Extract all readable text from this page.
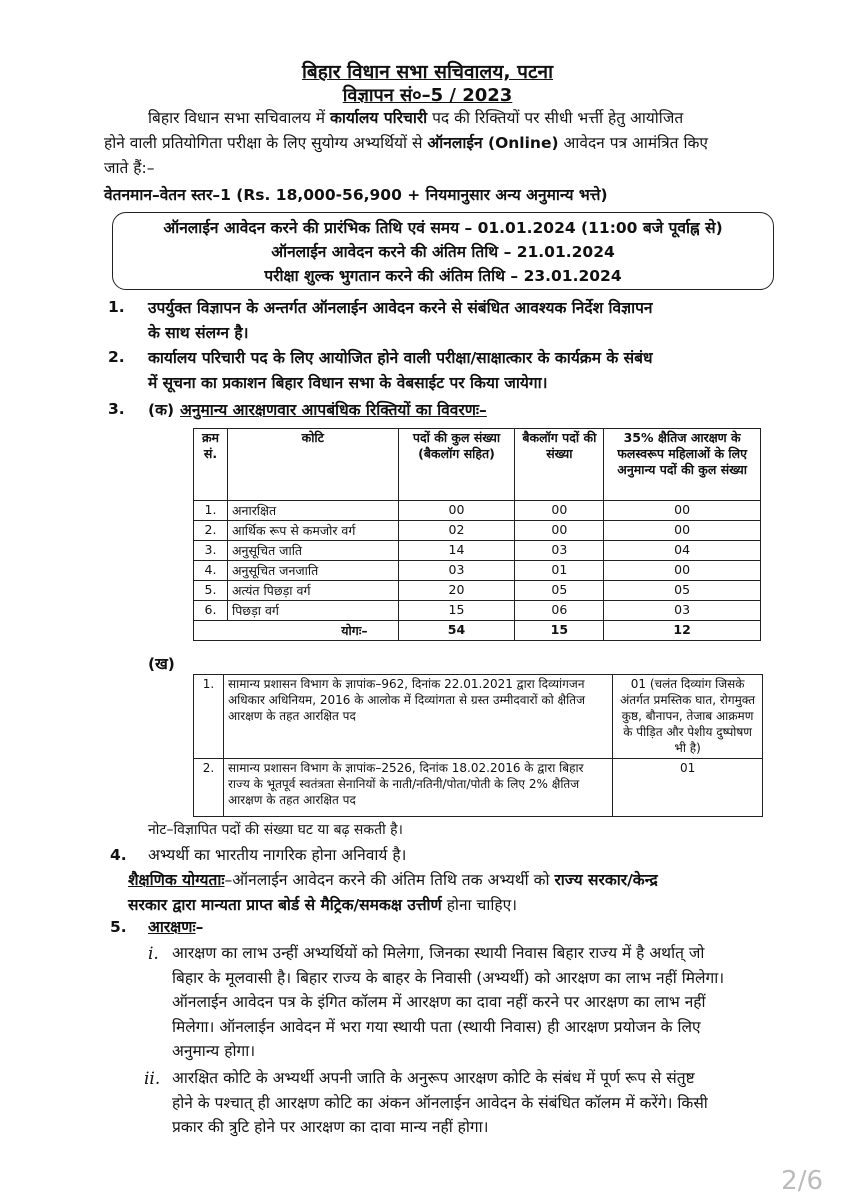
बिहार विधान सभा सचिवालय, पटना
विज्ञापन सं०–5 / 2023
बिहार विधान सभा सचिवालय में कार्यालय परिचारी पद की रिक्तियों पर सीधी भर्त्ती हेतु आयोजित
होने वाली प्रतियोगिता परीक्षा के लिए सुयोग्य अभ्यर्थियों से ऑनलाईन (Online) आवेदन पत्र आमंत्रित किए
जाते हैं:–
वेतनमान–वेतन स्तर–1 (Rs. 18,000-56,900 + नियमानुसार अन्य अनुमान्य भत्ते)
ऑनलाईन आवेदन करने की प्रारंभिक तिथि एवं समय – 01.01.2024 (11:00 बजे पूर्वाह्न से)
ऑनलाईन आवेदन करने की अंतिम तिथि – 21.01.2024
परीक्षा शुल्क भुगतान करने की अंतिम तिथि – 23.01.2024
1. उपर्युक्त विज्ञापन के अन्तर्गत ऑनलाईन आवेदन करने से संबंधित आवश्यक निर्देश विज्ञापन
के साथ संलग्न है।
2. कार्यालय परिचारी पद के लिए आयोजित होने वाली परीक्षा/साक्षात्कार के कार्यक्रम के संबंध
में सूचना का प्रकाशन बिहार विधान सभा के वेबसाईट पर किया जायेगा।
3. (क) अनुमान्य आरक्षणवार आपबंधिक रिक्तियों का विवरणः–
क्रम सं.	कोटि	पदों की कुल संख्या (बैकलॉग सहित)	बैकलॉग पदों की संख्या	35% क्षैतिज आरक्षण के फलस्वरूप महिलाओं के लिए अनुमान्य पदों की कुल संख्या
1.	अनारक्षित	00	00	00
2.	आर्थिक रूप से कमजोर वर्ग	02	00	00
3.	अनुसूचित जाति	14	03	04
4.	अनुसूचित जनजाति	03	01	00
5.	अत्यंत पिछड़ा वर्ग	20	05	05
6.	पिछड़ा वर्ग	15	06	03
योगः–		54	15	12
(ख)
1.	सामान्य प्रशासन विभाग के ज्ञापांक–962, दिनांक 22.01.2021 द्वारा दिव्यांगजन अधिकार अधिनियम, 2016 के आलोक में दिव्यांगता से ग्रस्त उम्मीदवारों को क्षैतिज आरक्षण के तहत आरक्षित पद	01 (चलंत दिव्यांग जिसके अंतर्गत प्रमस्तिक घात, रोगमुक्त कुष्ठ, बौनापन, तेजाब आक्रमण के पीड़ित और पेशीय दुष्पोषण भी है)
2.	सामान्य प्रशासन विभाग के ज्ञापांक–2526, दिनांक 18.02.2016 के द्वारा बिहार राज्य के भूतपूर्व स्वतंत्रता सेनानियों के नाती/नतिनी/पोता/पोती के लिए 2% क्षैतिज आरक्षण के तहत आरक्षित पद	01
नोट–विज्ञापित पदों की संख्या घट या बढ़ सकती है।
4. अभ्यर्थी का भारतीय नागरिक होना अनिवार्य है।
शैक्षणिक योग्यताः–ऑनलाईन आवेदन करने की अंतिम तिथि तक अभ्यर्थी को राज्य सरकार/केन्द्र
सरकार द्वारा मान्यता प्राप्त बोर्ड से मैट्रिक/समकक्ष उत्तीर्ण होना चाहिए।
5. आरक्षणः–
i. आरक्षण का लाभ उन्हीं अभ्यर्थियों को मिलेगा, जिनका स्थायी निवास बिहार राज्य में है अर्थात् जो
बिहार के मूलवासी है। बिहार राज्य के बाहर के निवासी (अभ्यर्थी) को आरक्षण का लाभ नहीं मिलेगा।
ऑनलाईन आवेदन पत्र के इंगित कॉलम में आरक्षण का दावा नहीं करने पर आरक्षण का लाभ नहीं
मिलेगा। ऑनलाईन आवेदन में भरा गया स्थायी पता (स्थायी निवास) ही आरक्षण प्रयोजन के लिए
अनुमान्य होगा।
ii. आरक्षित कोटि के अभ्यर्थी अपनी जाति के अनुरूप आरक्षण कोटि के संबंध में पूर्ण रूप से संतुष्ट
होने के पश्चात् ही आरक्षण कोटि का अंकन ऑनलाईन आवेदन के संबंधित कॉलम में करेंगे। किसी
प्रकार की त्रुटि होने पर आरक्षण का दावा मान्य नहीं होगा।
2/6
